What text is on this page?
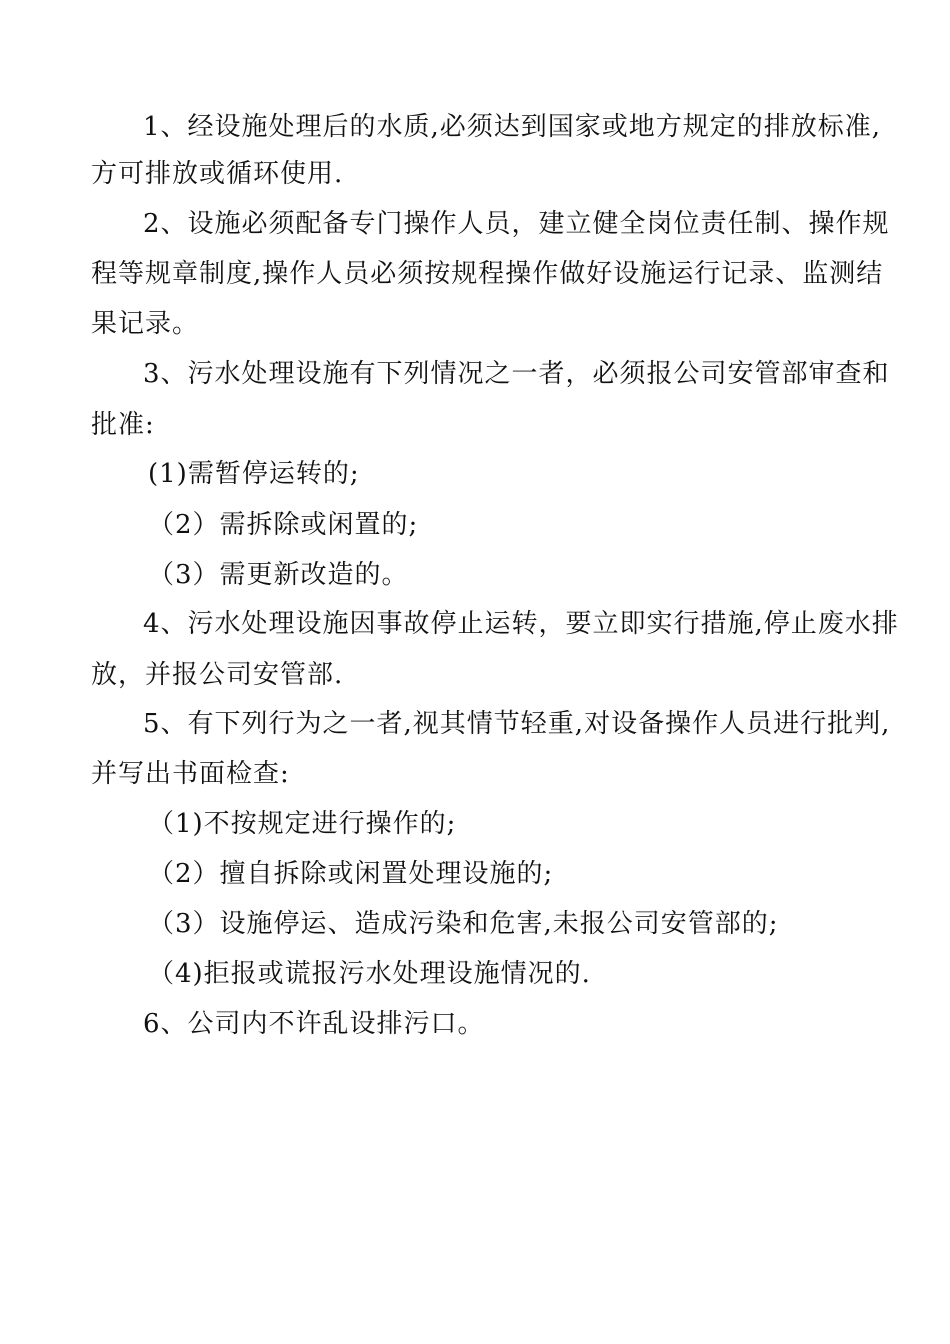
1、经设施处理后的水质,必须达到国家或地方规定的排放标准,
方可排放或循环使用.
2、设施必须配备专门操作人员，建立健全岗位责任制、操作规
程等规章制度,操作人员必须按规程操作做好设施运行记录、监测结
果记录。
3、污水处理设施有下列情况之一者，必须报公司安管部审查和
批准:
(1)需暂停运转的;
（2）需拆除或闲置的;
（3）需更新改造的。
4、污水处理设施因事故停止运转，要立即实行措施,停止废水排
放，并报公司安管部.
5、有下列行为之一者,视其情节轻重,对设备操作人员进行批判,
并写出书面检查:
（1)不按规定进行操作的;
（2）擅自拆除或闲置处理设施的;
（3）设施停运、造成污染和危害,未报公司安管部的;
（4)拒报或谎报污水处理设施情况的.
6、公司内不许乱设排污口。
